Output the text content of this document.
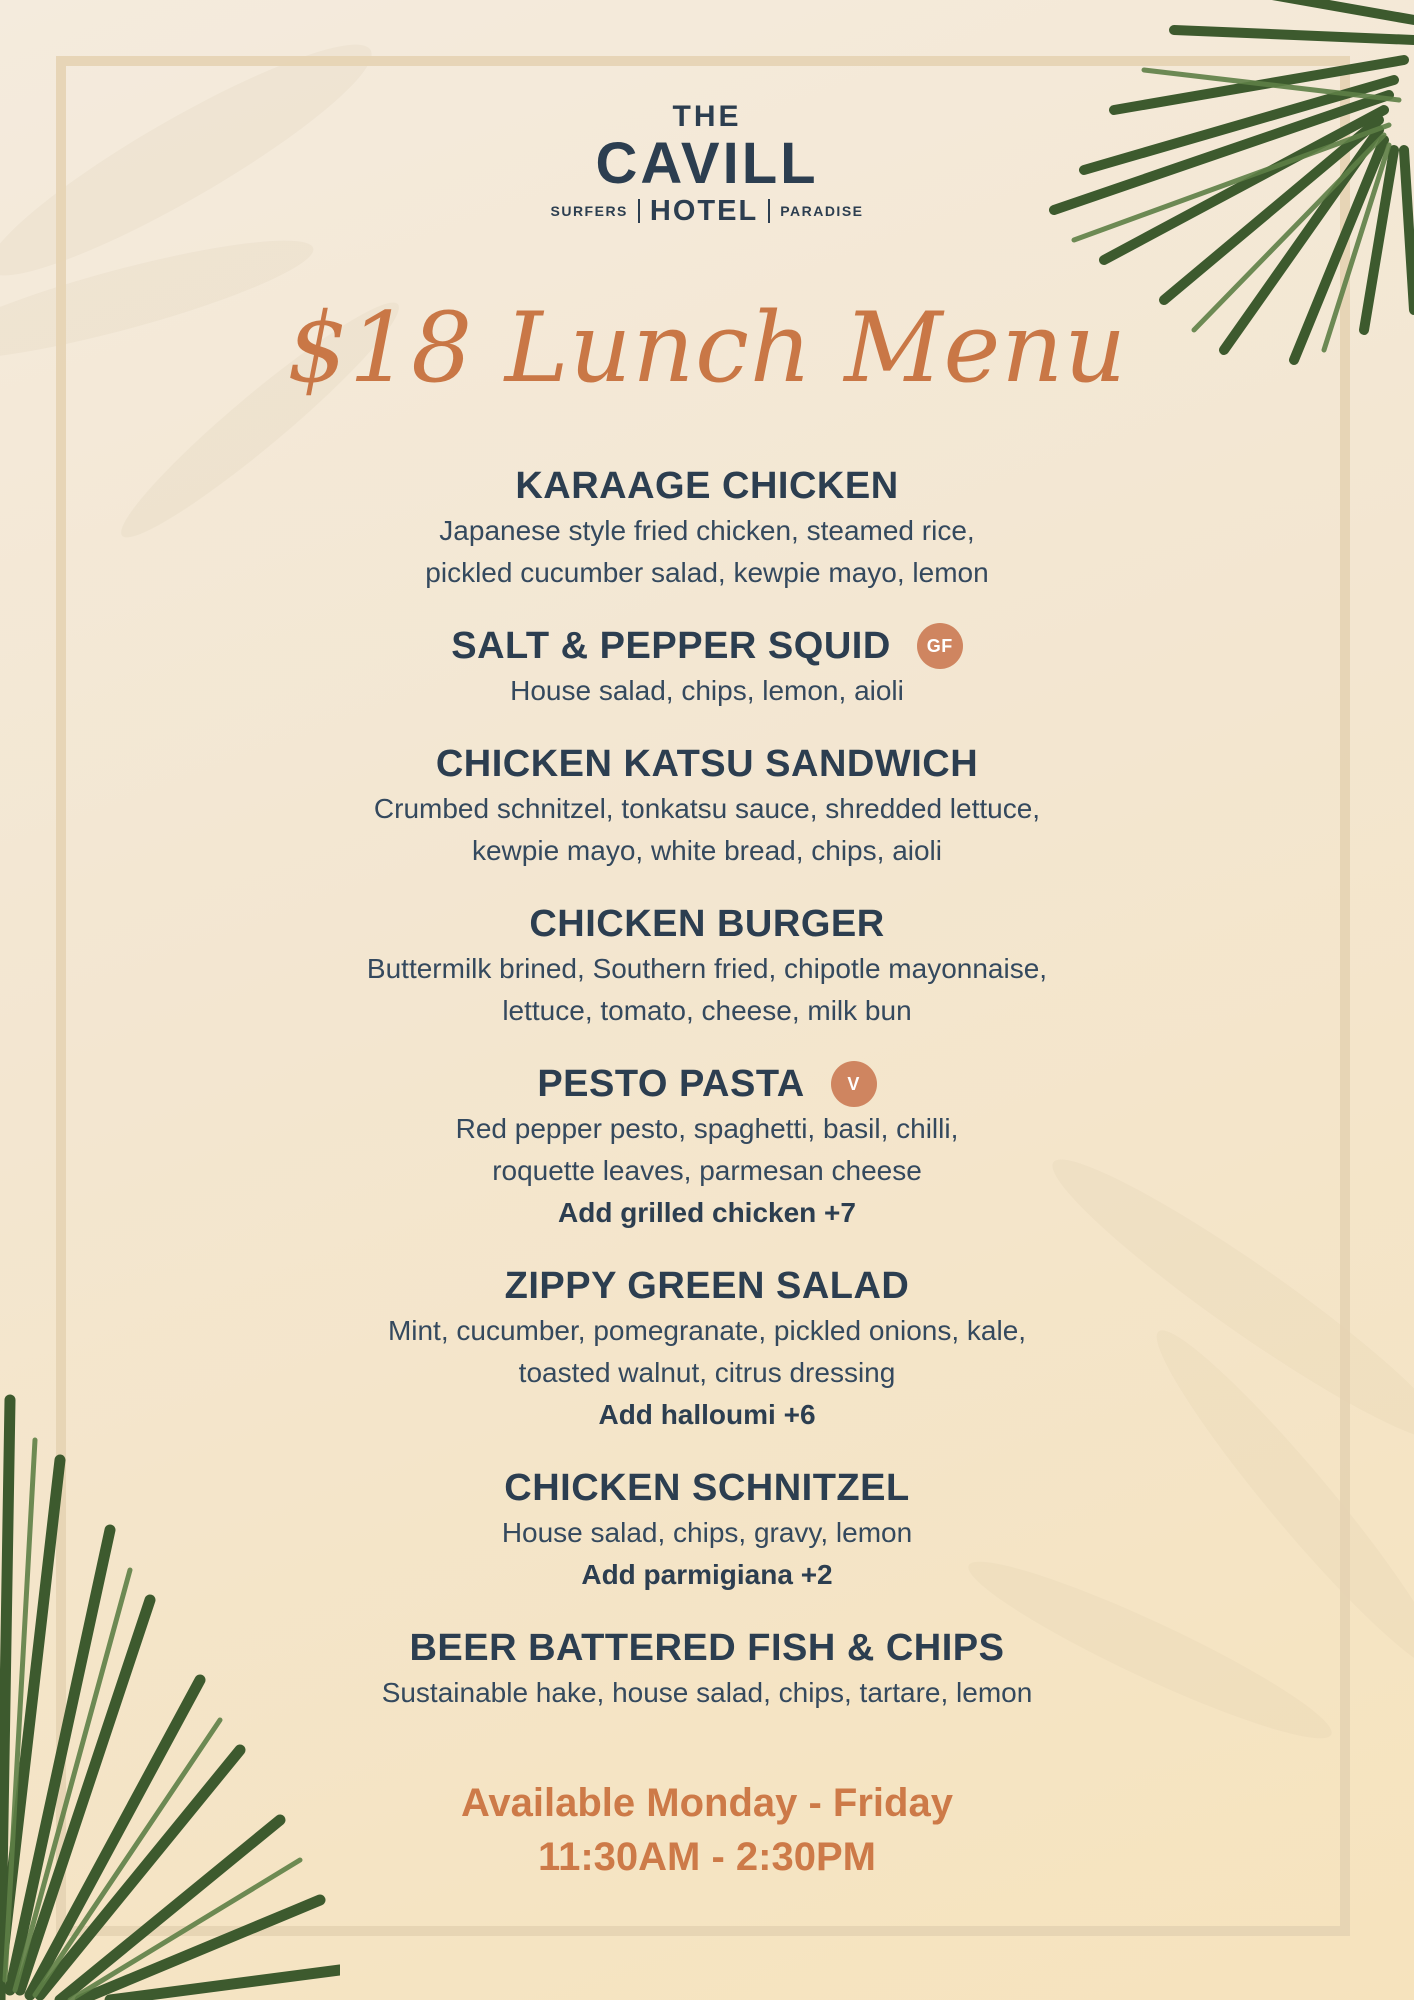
THE
CAVILL
SURFERS HOTEL PARADISE
$18 Lunch Menu
KARAAGE CHICKEN
Japanese style fried chicken, steamed rice,
pickled cucumber salad, kewpie mayo, lemon
SALT & PEPPER SQUID	GF
House salad, chips, lemon, aioli
CHICKEN KATSU SANDWICH
Crumbed schnitzel, tonkatsu sauce, shredded lettuce,
kewpie mayo, white bread, chips, aioli
CHICKEN BURGER
Buttermilk brined, Southern fried, chipotle mayonnaise,
lettuce, tomato, cheese, milk bun
PESTO PASTA	V
Red pepper pesto, spaghetti, basil, chilli,
roquette leaves, parmesan cheese
Add grilled chicken +7
ZIPPY GREEN SALAD
Mint, cucumber, pomegranate, pickled onions, kale,
toasted walnut, citrus dressing
Add halloumi +6
CHICKEN SCHNITZEL
House salad, chips, gravy, lemon
Add parmigiana +2
BEER BATTERED FISH & CHIPS
Sustainable hake, house salad, chips, tartare, lemon
Available Monday - Friday
11:30AM - 2:30PM
